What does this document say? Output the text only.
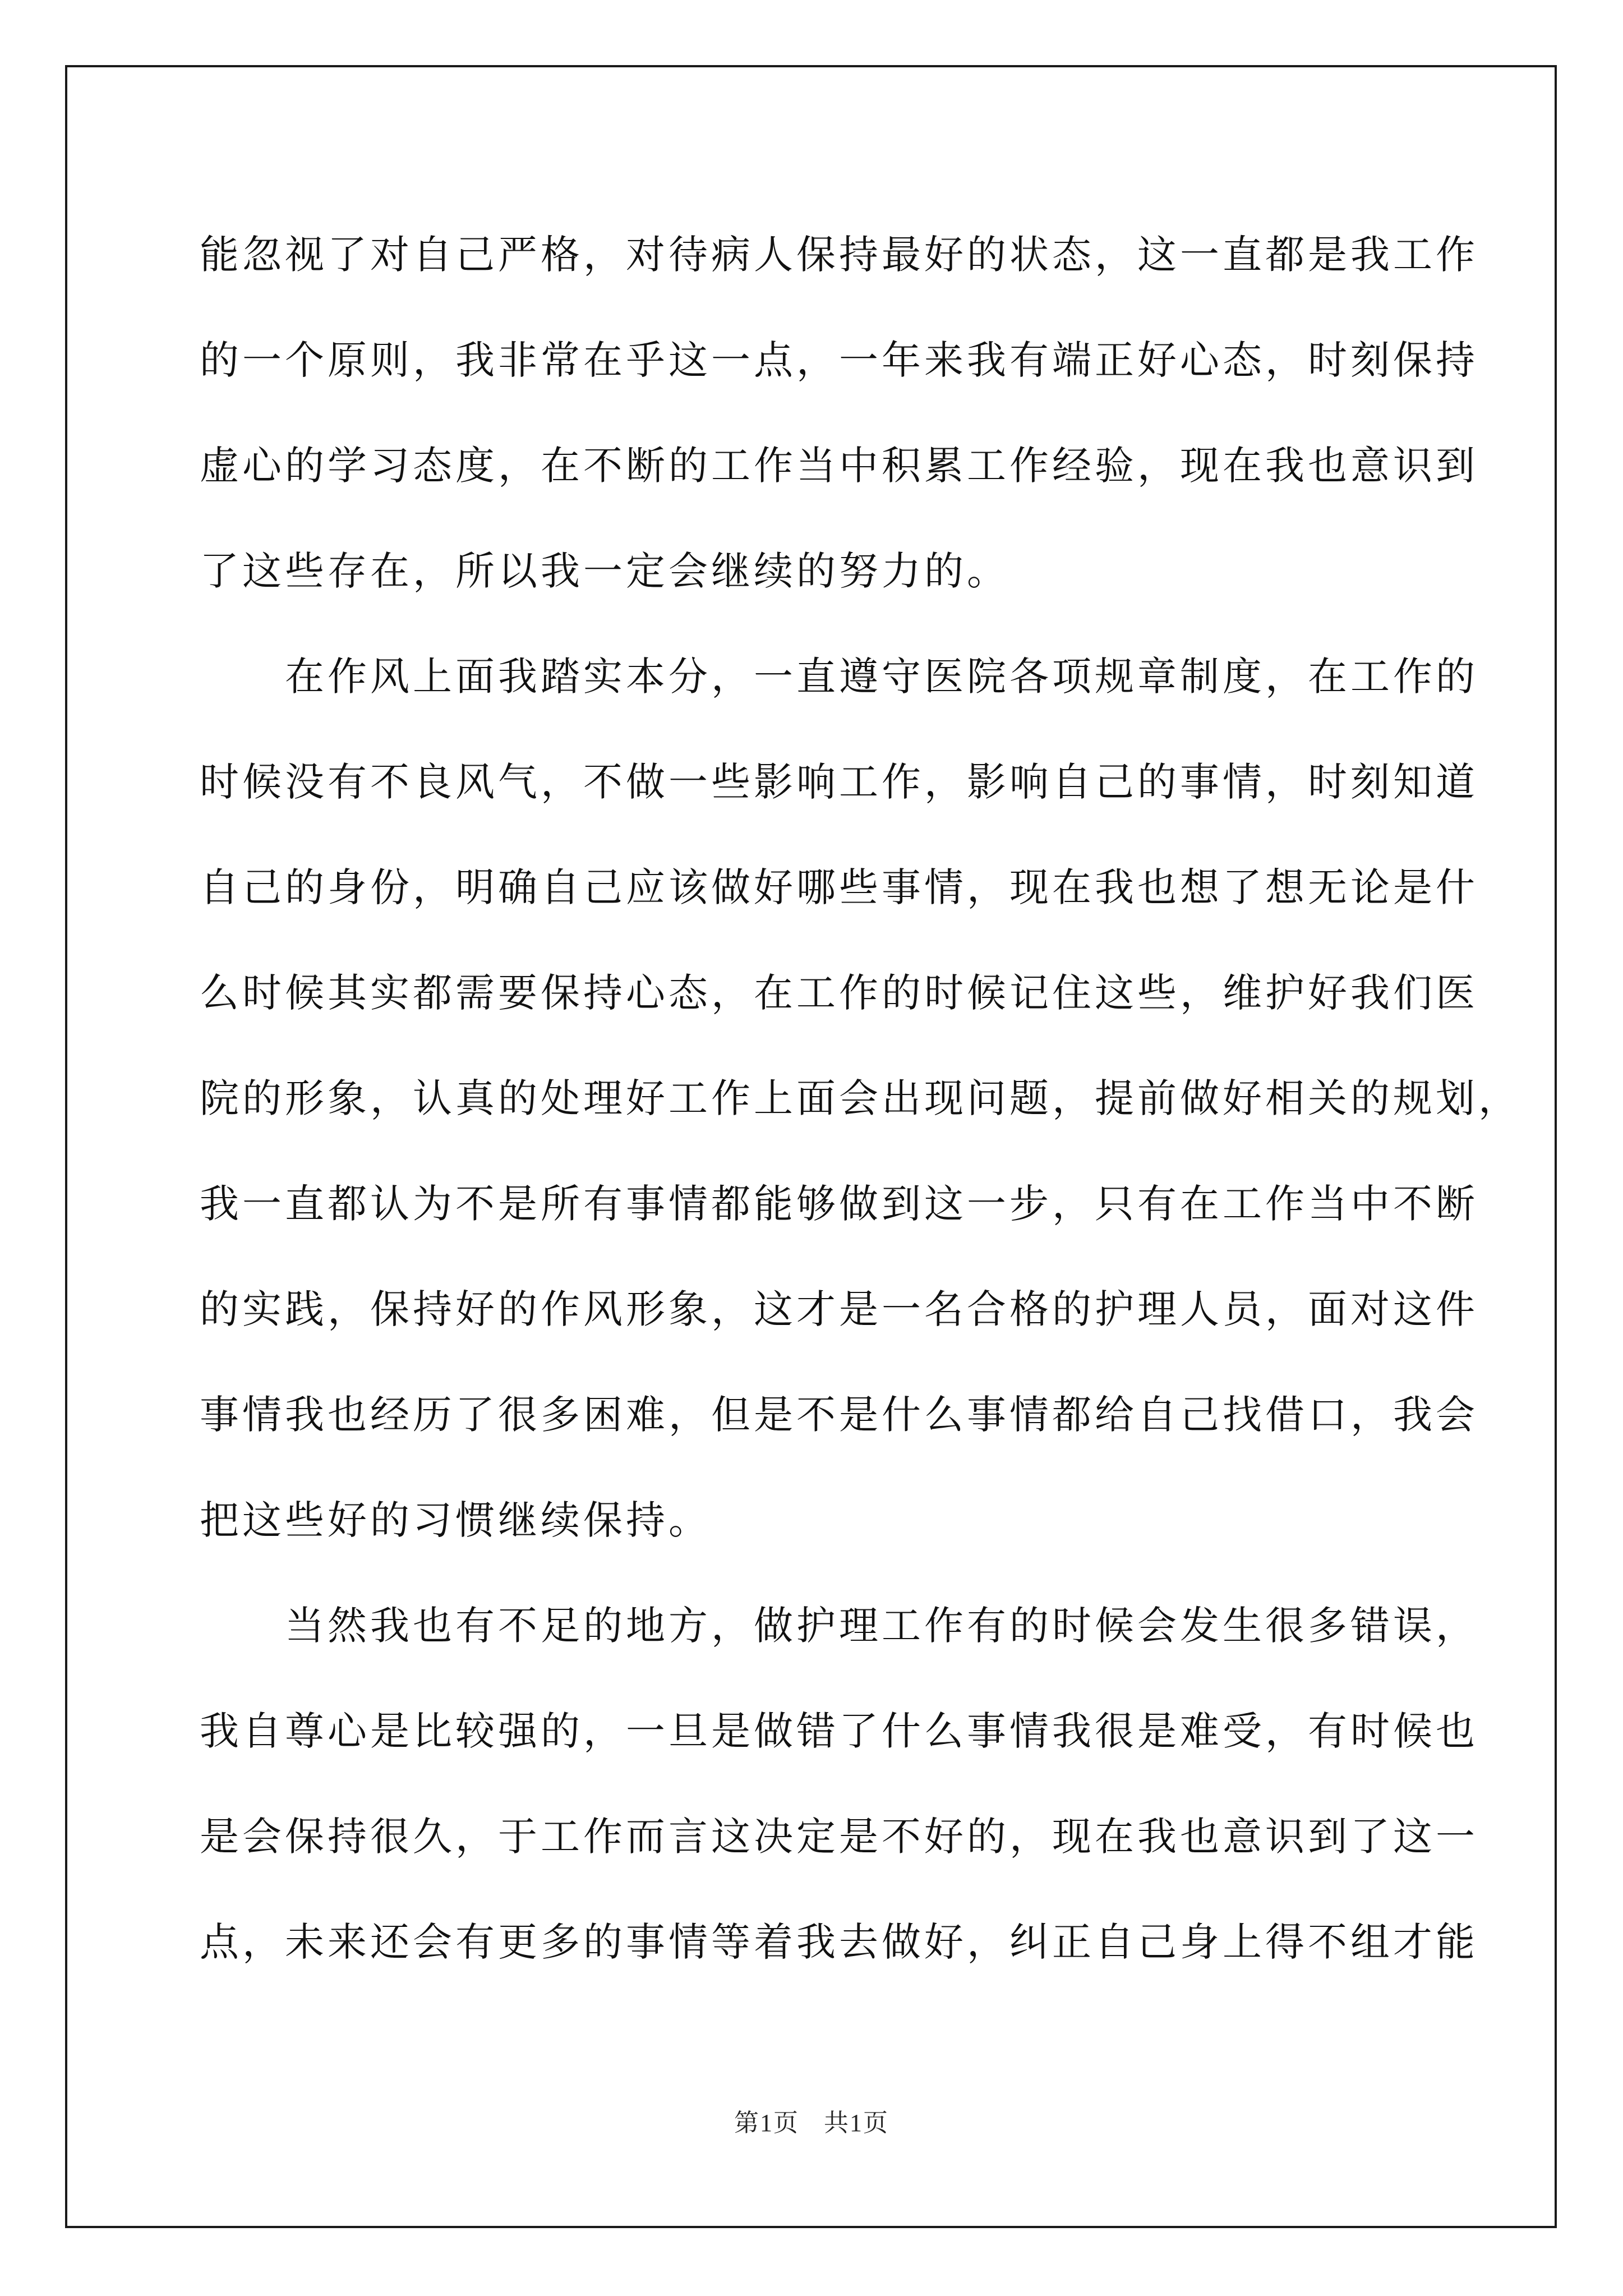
能忽视了对自己严格，对待病人保持最好的状态，这一直都是我工作
的一个原则，我非常在乎这一点，一年来我有端正好心态，时刻保持
虚心的学习态度，在不断的工作当中积累工作经验，现在我也意识到
了这些存在，所以我一定会继续的努力的。
　　在作风上面我踏实本分，一直遵守医院各项规章制度，在工作的
时候没有不良风气，不做一些影响工作，影响自己的事情，时刻知道
自己的身份，明确自己应该做好哪些事情，现在我也想了想无论是什
么时候其实都需要保持心态，在工作的时候记住这些，维护好我们医
院的形象，认真的处理好工作上面会出现问题，提前做好相关的规划，
我一直都认为不是所有事情都能够做到这一步，只有在工作当中不断
的实践，保持好的作风形象，这才是一名合格的护理人员，面对这件
事情我也经历了很多困难，但是不是什么事情都给自己找借口，我会
把这些好的习惯继续保持。
　　当然我也有不足的地方，做护理工作有的时候会发生很多错误，
我自尊心是比较强的，一旦是做错了什么事情我很是难受，有时候也
是会保持很久，于工作而言这决定是不好的，现在我也意识到了这一
点，未来还会有更多的事情等着我去做好，纠正自己身上得不组才能
第1页 共1页
